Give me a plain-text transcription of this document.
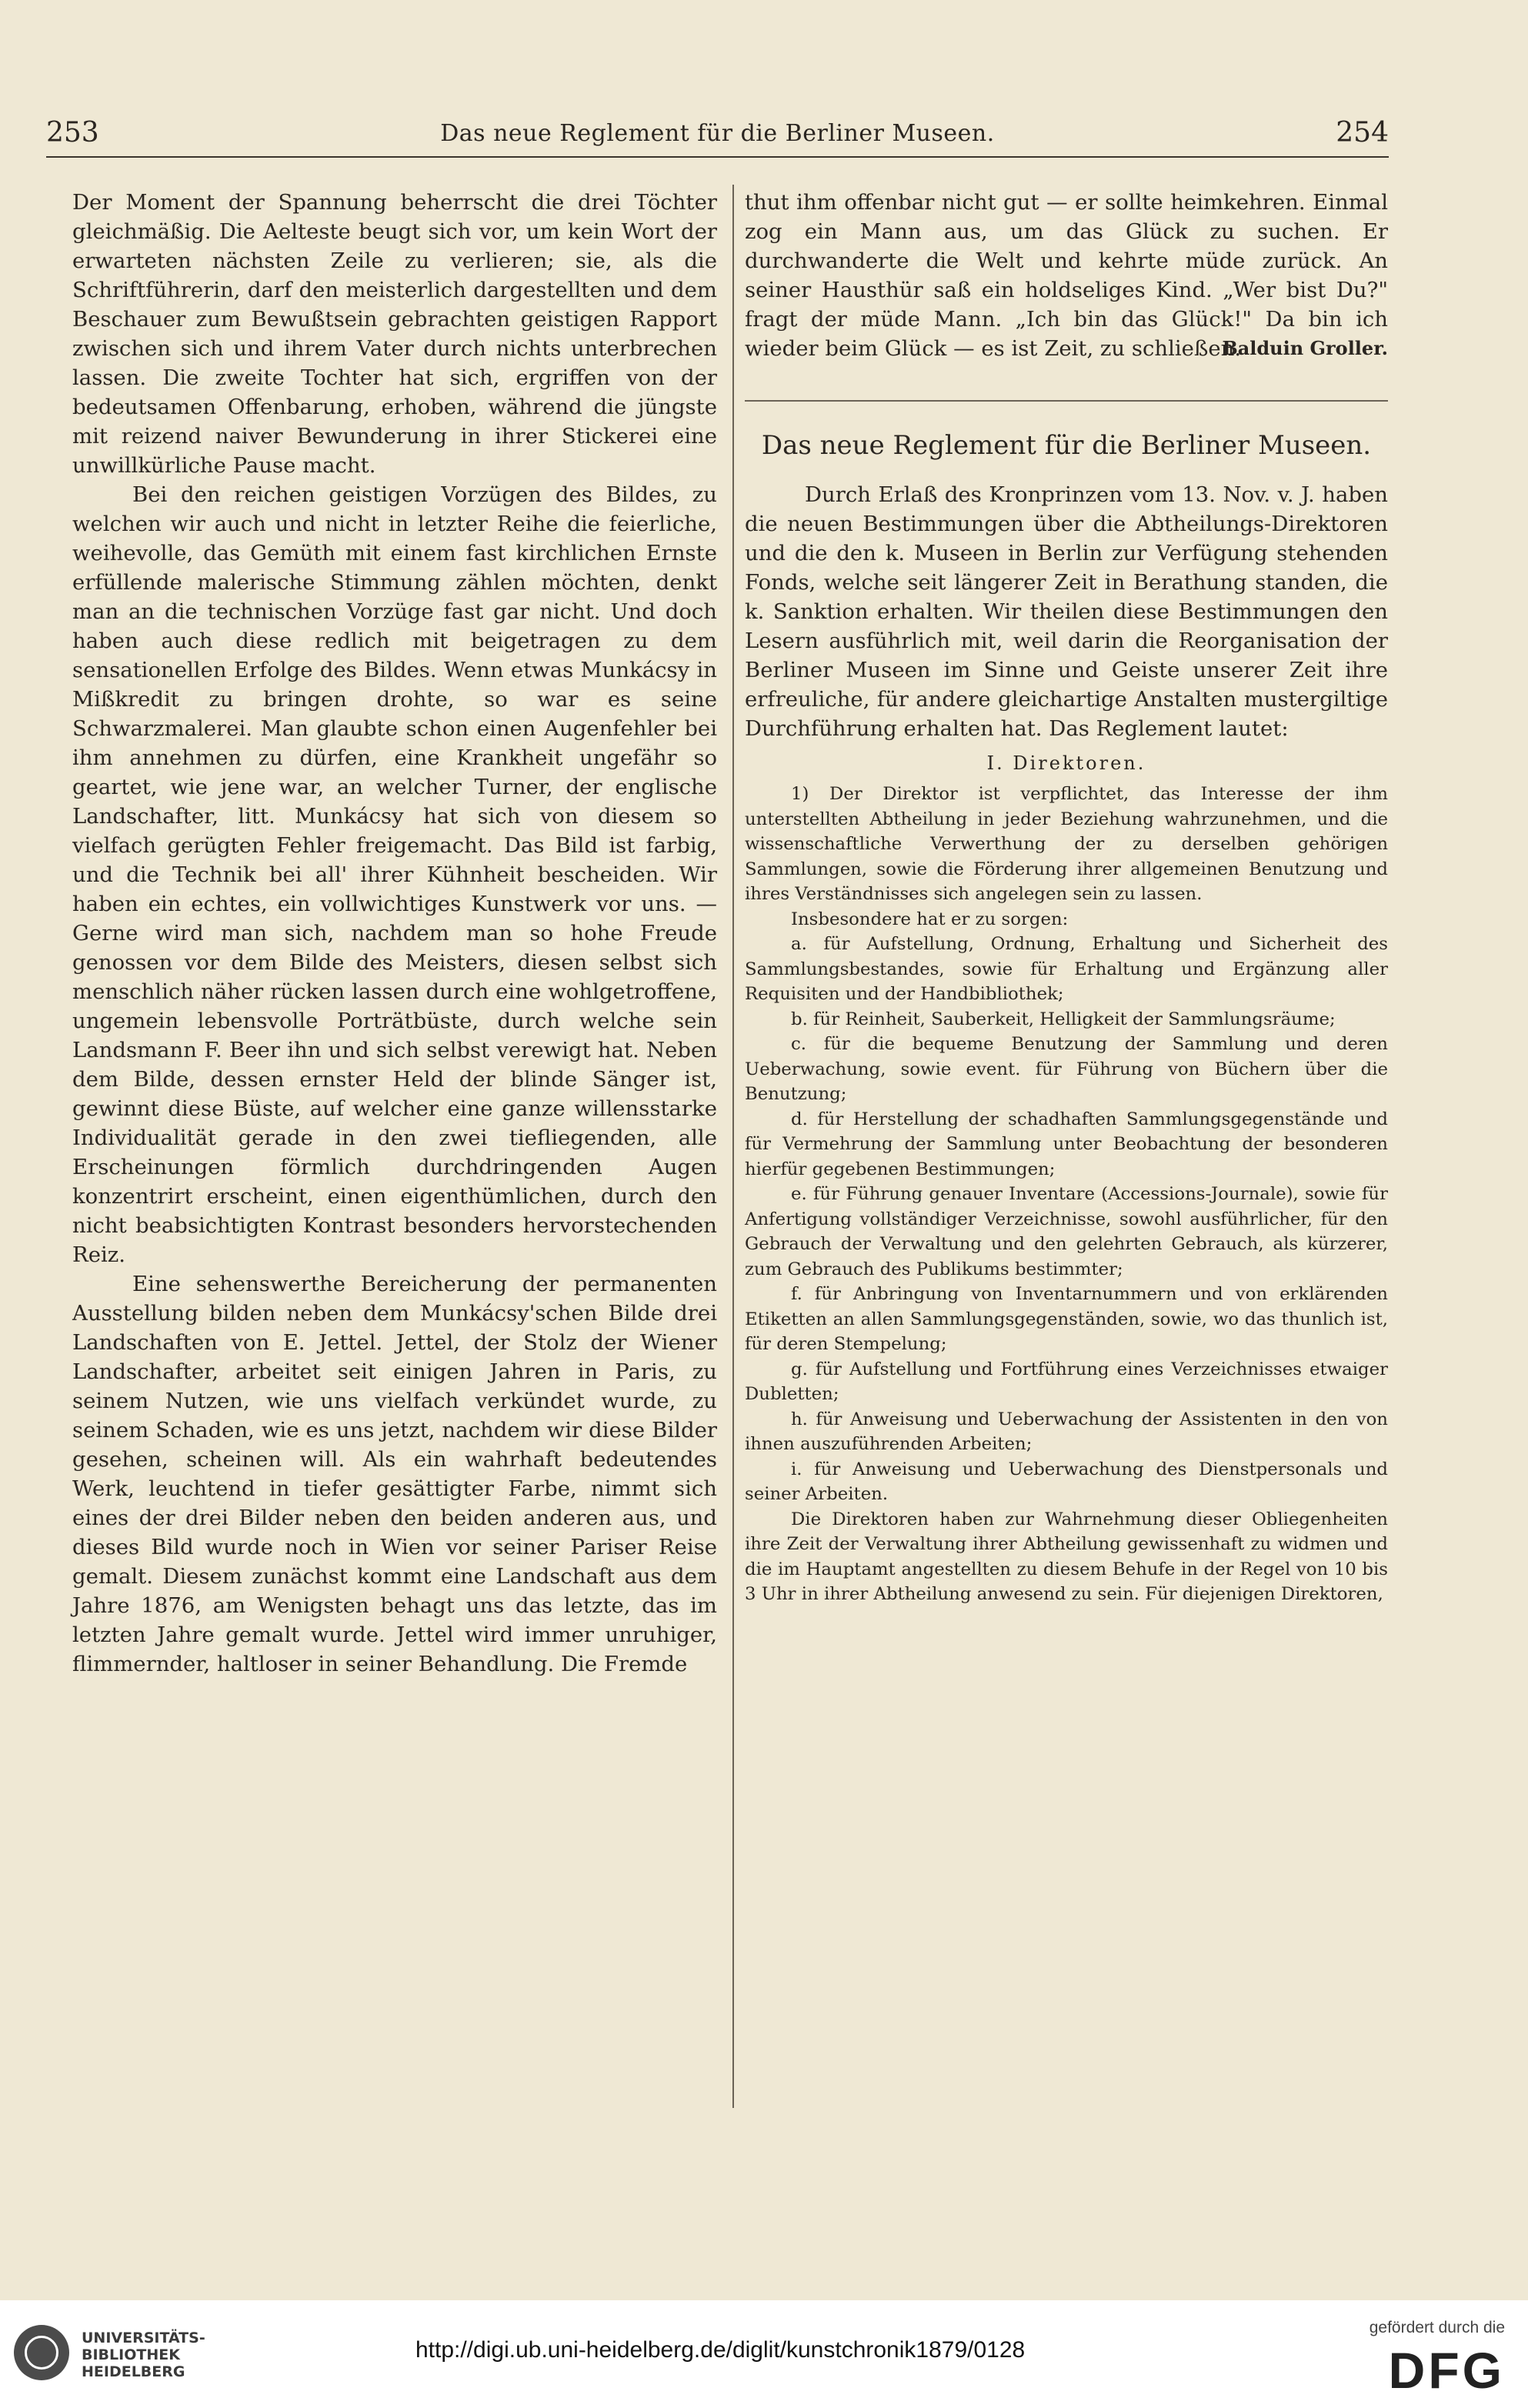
253	Das neue Reglement für die Berliner Museen.	254

Der Moment der Spannung beherrscht die drei Töchter gleichmäßig. Die Aelteste beugt sich vor, um kein Wort der erwarteten nächsten Zeile zu verlieren; sie, als die Schriftführerin, darf den meisterlich dargestellten und dem Beschauer zum Bewußtsein gebrachten geistigen Rapport zwischen sich und ihrem Vater durch nichts unterbrechen lassen. Die zweite Tochter hat sich, ergriffen von der bedeutsamen Offenbarung, erhoben, während die jüngste mit reizend naiver Bewunderung in ihrer Stickerei eine unwillkürliche Pause macht.

Bei den reichen geistigen Vorzügen des Bildes, zu welchen wir auch und nicht in letzter Reihe die feierliche, weihevolle, das Gemüth mit einem fast kirchlichen Ernste erfüllende malerische Stimmung zählen möchten, denkt man an die technischen Vorzüge fast gar nicht. Und doch haben auch diese redlich mit beigetragen zu dem sensationellen Erfolge des Bildes. Wenn etwas Munkácsy in Mißkredit zu bringen drohte, so war es seine Schwarzmalerei. Man glaubte schon einen Augenfehler bei ihm annehmen zu dürfen, eine Krankheit ungefähr so geartet, wie jene war, an welcher Turner, der englische Landschafter, litt. Munkácsy hat sich von diesem so vielfach gerügten Fehler freigemacht. Das Bild ist farbig, und die Technik bei all' ihrer Kühnheit bescheiden. Wir haben ein echtes, ein vollwichtiges Kunstwerk vor uns. — Gerne wird man sich, nachdem man so hohe Freude genossen vor dem Bilde des Meisters, diesen selbst sich menschlich näher rücken lassen durch eine wohlgetroffene, ungemein lebensvolle Porträtbüste, durch welche sein Landsmann F. Beer ihn und sich selbst verewigt hat. Neben dem Bilde, dessen ernster Held der blinde Sänger ist, gewinnt diese Büste, auf welcher eine ganze willensstarke Individualität gerade in den zwei tiefliegenden, alle Erscheinungen förmlich durchdringenden Augen konzentrirt erscheint, einen eigenthümlichen, durch den nicht beabsichtigten Kontrast besonders hervorstechenden Reiz.

Eine sehenswerthe Bereicherung der permanenten Ausstellung bilden neben dem Munkácsy'schen Bilde drei Landschaften von E. Jettel. Jettel, der Stolz der Wiener Landschafter, arbeitet seit einigen Jahren in Paris, zu seinem Nutzen, wie uns vielfach verkündet wurde, zu seinem Schaden, wie es uns jetzt, nachdem wir diese Bilder gesehen, scheinen will. Als ein wahrhaft bedeutendes Werk, leuchtend in tiefer gesättigter Farbe, nimmt sich eines der drei Bilder neben den beiden anderen aus, und dieses Bild wurde noch in Wien vor seiner Pariser Reise gemalt. Diesem zunächst kommt eine Landschaft aus dem Jahre 1876, am Wenigsten behagt uns das letzte, das im letzten Jahre gemalt wurde. Jettel wird immer unruhiger, flimmernder, haltloser in seiner Behandlung. Die Fremde

thut ihm offenbar nicht gut — er sollte heimkehren. Einmal zog ein Mann aus, um das Glück zu suchen. Er durchwanderte die Welt und kehrte müde zurück. An seiner Hausthür saß ein holdseliges Kind. „Wer bist Du?" fragt der müde Mann. „Ich bin das Glück!" Da bin ich wieder beim Glück — es ist Zeit, zu schließen.

Balduin Groller.
Das neue Reglement für die Berliner Museen.

Durch Erlaß des Kronprinzen vom 13. Nov. v. J. haben die neuen Bestimmungen über die Abtheilungs-Direktoren und die den k. Museen in Berlin zur Verfügung stehenden Fonds, welche seit längerer Zeit in Berathung standen, die k. Sanktion erhalten. Wir theilen diese Bestimmungen den Lesern ausführlich mit, weil darin die Reorganisation der Berliner Museen im Sinne und Geiste unserer Zeit ihre erfreuliche, für andere gleichartige Anstalten mustergiltige Durchführung erhalten hat. Das Reglement lautet:

I. Direktoren.

1) Der Direktor ist verpflichtet, das Interesse der ihm unterstellten Abtheilung in jeder Beziehung wahrzunehmen, und die wissenschaftliche Verwerthung der zu derselben gehörigen Sammlungen, sowie die Förderung ihrer allgemeinen Benutzung und ihres Verständnisses sich angelegen sein zu lassen.

Insbesondere hat er zu sorgen:

a. für Aufstellung, Ordnung, Erhaltung und Sicherheit des Sammlungsbestandes, sowie für Erhaltung und Ergänzung aller Requisiten und der Handbibliothek;

b. für Reinheit, Sauberkeit, Helligkeit der Sammlungsräume;

c. für die bequeme Benutzung der Sammlung und deren Ueberwachung, sowie event. für Führung von Büchern über die Benutzung;

d. für Herstellung der schadhaften Sammlungsgegenstände und für Vermehrung der Sammlung unter Beobachtung der besonderen hierfür gegebenen Bestimmungen;

e. für Führung genauer Inventare (Accessions-Journale), sowie für Anfertigung vollständiger Verzeichnisse, sowohl ausführlicher, für den Gebrauch der Verwaltung und den gelehrten Gebrauch, als kürzerer, zum Gebrauch des Publikums bestimmter;

f. für Anbringung von Inventarnummern und von erklärenden Etiketten an allen Sammlungsgegenständen, sowie, wo das thunlich ist, für deren Stempelung;

g. für Aufstellung und Fortführung eines Verzeichnisses etwaiger Dubletten;

h. für Anweisung und Ueberwachung der Assistenten in den von ihnen auszuführenden Arbeiten;

i. für Anweisung und Ueberwachung des Dienstpersonals und seiner Arbeiten.

Die Direktoren haben zur Wahrnehmung dieser Obliegenheiten ihre Zeit der Verwaltung ihrer Abtheilung gewissenhaft zu widmen und die im Hauptamt angestellten zu diesem Behufe in der Regel von 10 bis 3 Uhr in ihrer Abtheilung anwesend zu sein. Für diejenigen Direktoren,

UNIVERSITÄTS-
BIBLIOTHEK
HEIDELBERG

http://digi.ub.uni-heidelberg.de/diglit/kunstchronik1879/0128
gefördert durch die
DFG
